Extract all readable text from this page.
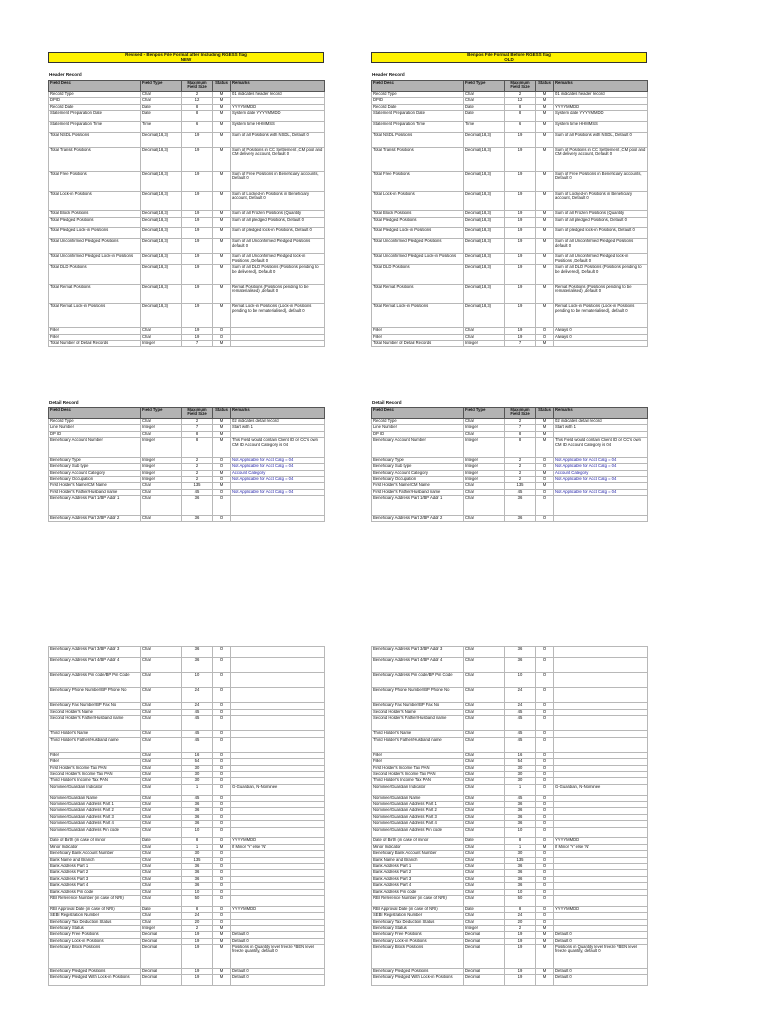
Revised - Benpos File Format after Including RGESS flag
NEW
Header Record
Field Desc	Field Type	Maximum Field Size	Status	Remarks
Record Type	Char	2	M	01 indicates header record
DPID	Char	12	M	
Record Date	Date	8	M	YYYYMMDD
Statement Preparation Date	Date	8	M	System date YYYYMMDD
Statement Preparation Time	Time	6	M	System time HHMMSS
Total NSDL Positions	Decimal(18,3)	19	M	Sum of all Positions with NSDL, Default 0
Total Transit Positions	Decimal(18,3)	19	M	Sum of Positions in CC Settlement ,CM pool and CM delivery account, Default 0
Total Free Positions	Decimal(18,3)	19	M	Sum of Free Positions in Beneficiary accounts, Default 0
Total Lock-in Positions	Decimal(18,3)	19	M	Sum of Locked-in Positions in Beneficiary account, Default 0
Total Block Positions	Decimal(18,3)	19	M	Sum of all Frozen Positions (Quantity
Total Pledged Positions	Decimal(18,3)	19	M	Sum of all pledged Positions, Default 0
Total Pledged Lock-in Positions	Decimal(18,3)	19	M	Sum of pledged lock-in Positions, Default 0
Total Unconfirmed Pledged Positions	Decimal(18,3)	19	M	Sum of all Unconfirmed Pledged Positions default 0
Total Unconfirmed Pledged Lock-in Positions	Decimal(18,3)	19	M	Sum of all Unconfirmed Pledged lock-in Positions ,Default 0
Total DLD Positions	Decimal(18,3)	19	M	Sum of all DLD Positions (Positions pending to be delivered), Default 0
Total Remat Positions	Decimal(18,3)	19	M	Remat Positions (Positions pending to be rematerialised) ,default 0
Total Remat Lock-in Positions	Decimal(18,3)	19	M	Remat Lock-in Positions (Lock-in Positions pending to be rematerialised), default 0
Filler	Char	19	O	
Filler	Char	19	O	
Total Number of Detail Records	Integer	7	M	
Detail Record
Field Desc	Field Type	Maximum Field Size	Status	Remarks
Record Type	Char	2	M	02 indicates detail record
Line Number	Integer	7	M	Start with 1
DP ID	Char	8	M	
Beneficiary Account Number	Integer	8	M	This Field would contain Client ID or CC's own CM ID Account Category is 04
Beneficiary Type	Integer	2	O	Not Applicable for Acct Catg = 04
Beneficiary Sub type	Integer	2	O	Not Applicable for Acct Catg = 04
Beneficiary Account Category	Integer	2	M	Account Category
Beneficiary Occupation	Integer	2	O	Not Applicable for Acct Catg = 04
First Holder's Name/CM Name	Char	135	M	
First Holder's Father/Husband name	Char	45	O	Not Applicable for Acct Catg = 04
Beneficiary Address Part 1/BP Addr 1	Char	36	O	
Beneficiary Address Part 2/BP Addr 2	Char	36	O	
Beneficiary Address Part 3/BP Addr 3	Char	36	O	
Beneficiary Address Part 4/BP Addr 4	Char	36	O	
Beneficiary Address Pin code/BP Pin Code	Char	10	O	
Beneficiary Phone Number/BP Phone No	Char	24	O	
Beneficiary Fax Number/BP Fax No	Char	24	O	
Second Holder's Name	Char	45	O	
Second Holder's Father/Husband name	Char	45	O	
Third Holder's Name	Char	45	O	
Third Holder's Father/Husband name	Char	45	O	
Filler	Char	16	O	
Filler	Char	54	O	
First Holder's Income Tax PAN	Char	30	O	
Second Holder's Income Tax PAN	Char	30	O	
Third Holder's Income Tax PAN	Char	30	O	
Nominee/Guardian Indicator	Char	1	O	G-Guardian, N-Nominee
Nominee/Guardian Name	Char	45	O	
Nominee/Guardian Address Part 1	Char	36	O	
Nominee/Guardian Address Part 2	Char	36	O	
Nominee/Guardian Address Part 3	Char	36	O	
Nominee/Guardian Address Part 4	Char	36	O	
Nominee/Guardian Address Pin code	Char	10	O	
Date of Birth (in case of minor	Date	8	O	YYYYMMDD
Minor Indicator	Char	1	M	If Minor 'Y' else 'N'
Beneficiary Bank Account Number	Char	30	O	
Bank Name and Branch	Char	135	O	
Bank Address Part 1	Char	36	O	
Bank Address Part 2	Char	36	O	
Bank Address Part 3	Char	36	O	
Bank Address Part 4	Char	36	O	
Bank Address Pin code	Char	10	O	
RBI Reference Number (in case of NRI)	Char	50	O	
RBI Approval Date (in case of NRI)	Date	8	O	YYYYMMDD
SEBI Registration Number	Char	24	O	
Beneficiary Tax Deduction Status	Char	20	O	
Beneficiary Status	Integer	2	M	
Beneficiary Free Positions	Decimal	19	M	Default 0
Beneficiary Lock-in Positions	Decimal	19	M	Default 0
Beneficiary Block Positions	Decimal	19	M	Positions in Quantity level freeze *BEN level freeze quantity, default 0
Beneficiary Pledged Positions	Decimal	19	M	Default 0
Beneficiary Pledged With Lock-in Positions	Decimal	19	M	Default 0
Benpos File Format Before RGESS flag
OLD
Header Record
Field Desc	Field Type	Maximum Field Size	Status	Remarks
Record Type	Char	2	M	01 indicates header record
DPID	Char	12	M	
Record Date	Date	8	M	YYYYMMDD
Statement Preparation Date	Date	8	M	System date YYYYMMDD
Statement Preparation Time	Time	6	M	System time HHMMSS
Total NSDL Positions	Decimal(18,3)	19	M	Sum of all Positions with NSDL, Default 0
Total Transit Positions	Decimal(18,3)	19	M	Sum of Positions in CC Settlement ,CM pool and CM delivery account, Default 0
Total Free Positions	Decimal(18,3)	19	M	Sum of Free Positions in Beneficiary accounts, Default 0
Total Lock-in Positions	Decimal(18,3)	19	M	Sum of Locked-in Positions in Beneficiary account, Default 0
Total Block Positions	Decimal(18,3)	19	M	Sum of all Frozen Positions (Quantity
Total Pledged Positions	Decimal(18,3)	19	M	Sum of all pledged Positions, Default 0
Total Pledged Lock-in Positions	Decimal(18,3)	19	M	Sum of pledged lock-in Positions, Default 0
Total Unconfirmed Pledged Positions	Decimal(18,3)	19	M	Sum of all Unconfirmed Pledged Positions default 0
Total Unconfirmed Pledged Lock-in Positions	Decimal(18,3)	19	M	Sum of all Unconfirmed Pledged lock-in Positions ,Default 0
Total DLD Positions	Decimal(18,3)	19	M	Sum of all DLD Positions (Positions pending to be delivered), Default 0
Total Remat Positions	Decimal(18,3)	19	M	Remat Positions (Positions pending to be rematerialised) ,default 0
Total Remat Lock-in Positions	Decimal(18,3)	19	M	Remat Lock-in Positions (Lock-in Positions pending to be rematerialised), default 0
Filler	Char	19	O	Always 0
Filler	Char	19	O	Always 0
Total Number of Detail Records	Integer	7	M	
Detail Record
Field Desc	Field Type	Maximum Field Size	Status	Remarks
Record Type	Char	2	M	02 indicates detail record
Line Number	Integer	7	M	Start with 1
DP ID	Char	8	M	
Beneficiary Account Number	Integer	8	M	This Field would contain Client ID or CC's own CM ID Account Category is 04
Beneficiary Type	Integer	2	O	Not Applicable for Acct Catg = 04
Beneficiary Sub type	Integer	2	O	Not Applicable for Acct Catg = 04
Beneficiary Account Category	Integer	2	M	Account Category
Beneficiary Occupation	Integer	2	O	Not Applicable for Acct Catg = 04
First Holder's Name/CM Name	Char	135	M	
First Holder's Father/Husband name	Char	45	O	Not Applicable for Acct Catg = 04
Beneficiary Address Part 1/BP Addr 1	Char	36	O	
Beneficiary Address Part 2/BP Addr 2	Char	36	O	
Beneficiary Address Part 3/BP Addr 3	Char	36	O	
Beneficiary Address Part 4/BP Addr 4	Char	36	O	
Beneficiary Address Pin code/BP Pin Code	Char	10	O	
Beneficiary Phone Number/BP Phone No	Char	24	O	
Beneficiary Fax Number/BP Fax No	Char	24	O	
Second Holder's Name	Char	45	O	
Second Holder's Father/Husband name	Char	45	O	
Third Holder's Name	Char	45	O	
Third Holder's Father/Husband name	Char	45	O	
Filler	Char	16	O	
Filler	Char	54	O	
First Holder's Income Tax PAN	Char	30	O	
Second Holder's Income Tax PAN	Char	30	O	
Third Holder's Income Tax PAN	Char	30	O	
Nominee/Guardian Indicator	Char	1	O	G-Guardian, N-Nominee
Nominee/Guardian Name	Char	45	O	
Nominee/Guardian Address Part 1	Char	36	O	
Nominee/Guardian Address Part 2	Char	36	O	
Nominee/Guardian Address Part 3	Char	36	O	
Nominee/Guardian Address Part 4	Char	36	O	
Nominee/Guardian Address Pin code	Char	10	O	
Date of Birth (in case of minor	Date	8	O	YYYYMMDD
Minor Indicator	Char	1	M	If Minor 'Y' else 'N'
Beneficiary Bank Account Number	Char	30	O	
Bank Name and Branch	Char	135	O	
Bank Address Part 1	Char	36	O	
Bank Address Part 2	Char	36	O	
Bank Address Part 3	Char	36	O	
Bank Address Part 4	Char	36	O	
Bank Address Pin code	Char	10	O	
RBI Reference Number (in case of NRI)	Char	50	O	
RBI Approval Date (in case of NRI)	Date	8	O	YYYYMMDD
SEBI Registration Number	Char	24	O	
Beneficiary Tax Deduction Status	Char	20	O	
Beneficiary Status	Integer	2	M	
Beneficiary Free Positions	Decimal	19	M	Default 0
Beneficiary Lock-in Positions	Decimal	19	M	Default 0
Beneficiary Block Positions	Decimal	19	M	Positions in Quantity level freeze *BEN level freeze quantity, default 0
Beneficiary Pledged Positions	Decimal	19	M	Default 0
Beneficiary Pledged With Lock-in Positions	Decimal	19	M	Default 0
